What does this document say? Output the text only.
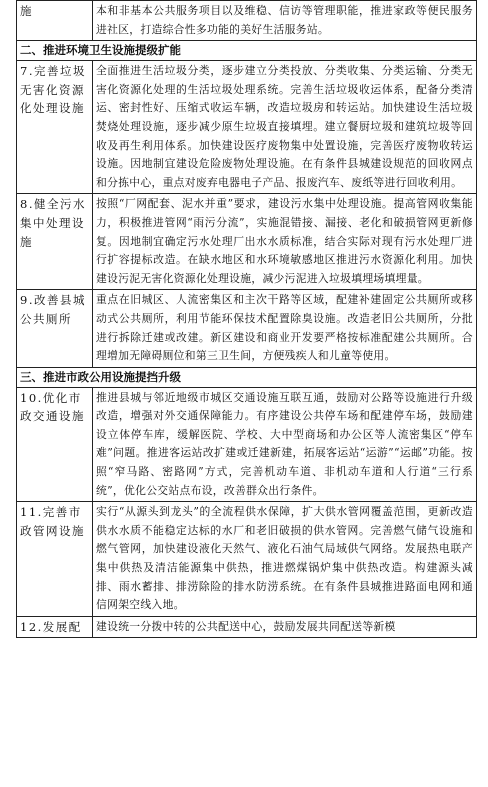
施	本和非基本公共服务项目以及维稳、信访等管理职能，推进家政等便民服务进社区，打造综合性多功能的美好生活服务站。
二、推进环境卫生设施提级扩能	
7.完善垃圾无害化资源化处理设施	全面推进生活垃圾分类，逐步建立分类投放、分类收集、分类运输、分类无害化资源化处理的生活垃圾处理系统。完善生活垃圾收运体系，配备分类清运、密封性好、压缩式收运车辆，改造垃圾房和转运站。加快建设生活垃圾焚烧处理设施，逐步减少原生垃圾直接填埋。建立餐厨垃圾和建筑垃圾等回收及再生利用体系。加快建设医疗废物集中处置设施，完善医疗废物收转运设施。因地制宜建设危险废物处理设施。在有条件县城建设规范的回收网点和分拣中心，重点对废弃电器电子产品、报废汽车、废纸等进行回收利用。
8.健全污水集中处理设施	按照“厂网配套、泥水并重”要求，建设污水集中处理设施。提高管网收集能力，积极推进管网“雨污分流”，实施混错接、漏接、老化和破损管网更新修复。因地制宜确定污水处理厂出水水质标准，结合实际对现有污水处理厂进行扩容提标改造。在缺水地区和水环境敏感地区推进污水资源化利用。加快建设污泥无害化资源化处理设施，减少污泥进入垃圾填埋场填埋量。
9.改善县城公共厕所	重点在旧城区、人流密集区和主次干路等区域，配建补建固定公共厕所或移动式公共厕所，利用节能环保技术配置除臭设施。改造老旧公共厕所，分批进行拆除迁建或改建。新区建设和商业开发要严格按标准配建公共厕所。合理增加无障碍厕位和第三卫生间，方便残疾人和儿童等使用。
三、推进市政公用设施提挡升级	
10.优化市政交通设施	推进县城与邻近地级市城区交通设施互联互通，鼓励对公路等设施进行升级改造，增强对外交通保障能力。有序建设公共停车场和配建停车场，鼓励建设立体停车库，缓解医院、学校、大中型商场和办公区等人流密集区“停车难”问题。推进客运站改扩建或迁建新建，拓展客运站“运游”“运邮”功能。按照“窄马路、密路网”方式，完善机动车道、非机动车道和人行道“三行系统”，优化公交站点布设，改善群众出行条件。
11.完善市政管网设施	实行“从源头到龙头”的全流程供水保障，扩大供水管网覆盖范围，更新改造供水水质不能稳定达标的水厂和老旧破损的供水管网。完善燃气储气设施和燃气管网，加快建设液化天然气、液化石油气局域供气网络。发展热电联产集中供热及清洁能源集中供热，推进燃煤锅炉集中供热改造。构建源头减排、雨水蓄排、排涝除险的排水防涝系统。在有条件县城推进路面电网和通信网架空线入地。
12.发展配	建设统一分拨中转的公共配送中心，鼓励发展共同配送等新模
